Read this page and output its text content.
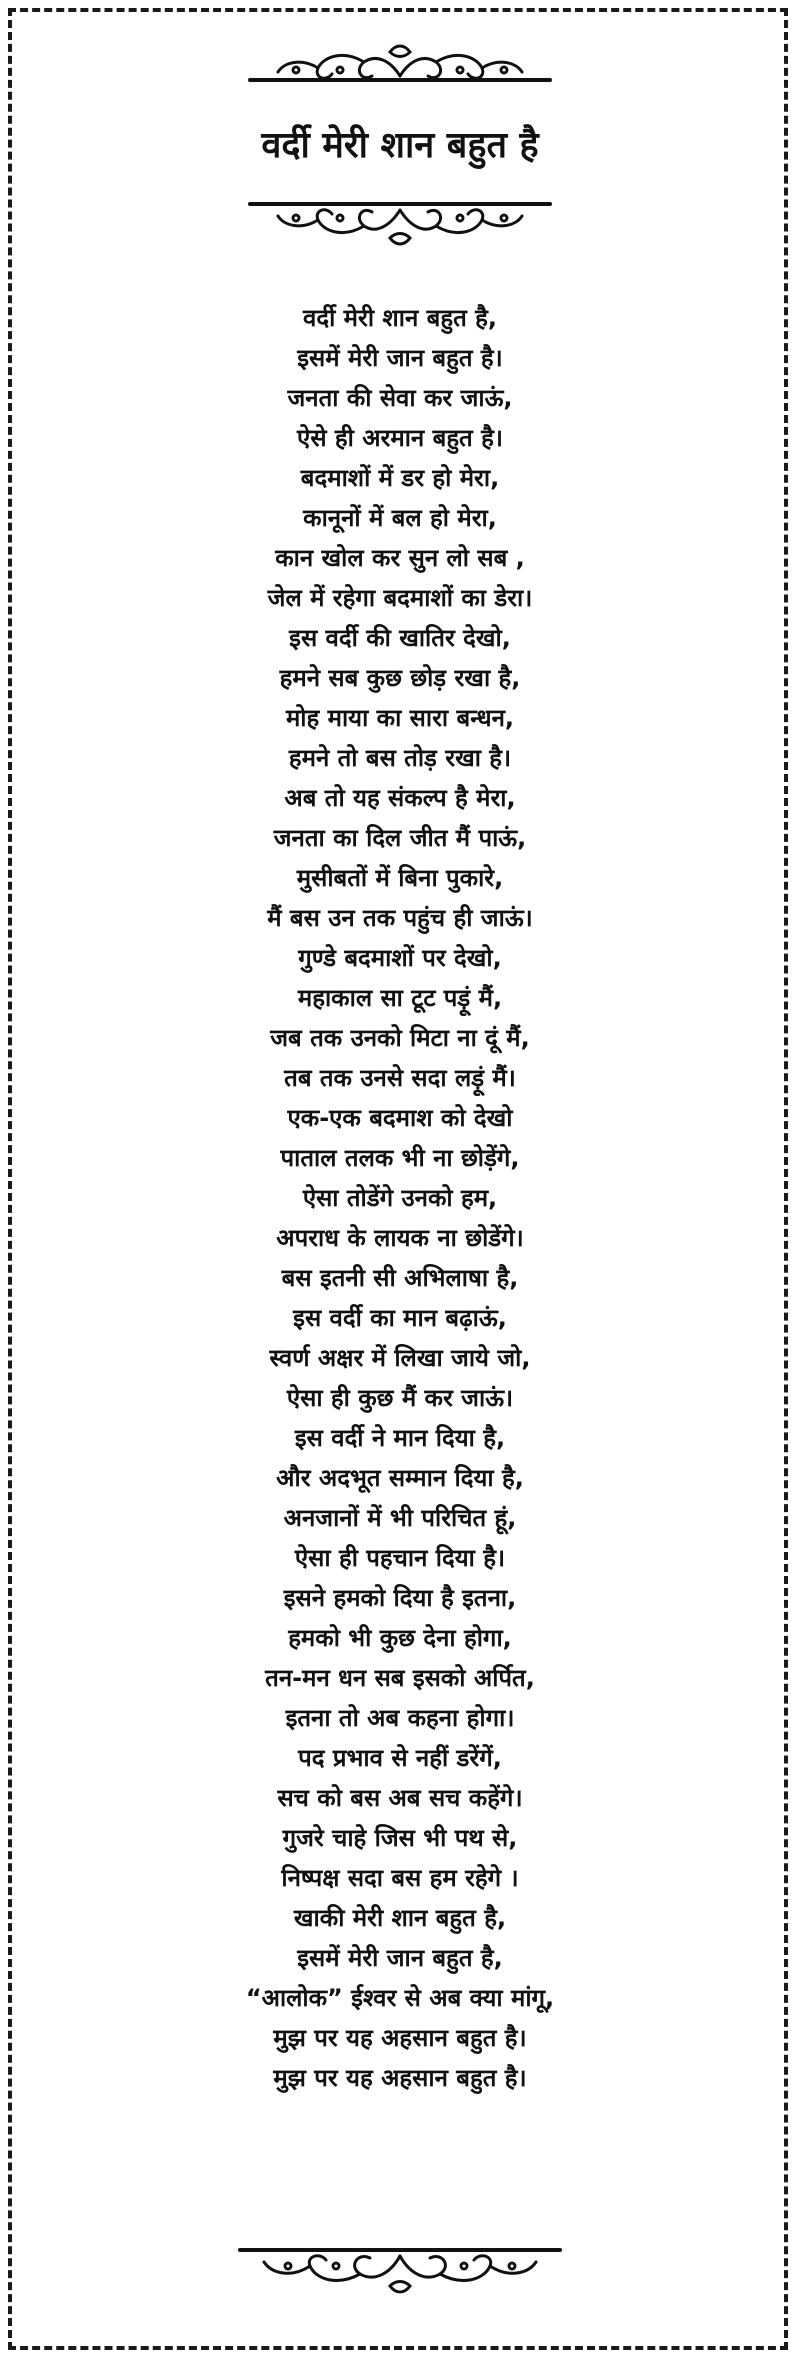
वर्दी मेरी शान बहुत है
वर्दी मेरी शान बहुत है,
इसमें मेरी जान बहुत है।
जनता की सेवा कर जाऊं,
ऐसे ही अरमान बहुत है।
बदमाशों में डर हो मेरा,
कानूनों में बल हो मेरा,
कान खोल कर सुन लो सब ,
जेल में रहेगा बदमाशों का डेरा।
इस वर्दी की खातिर देखो,
हमने सब कुछ छोड़ रखा है,
मोह माया का सारा बन्धन,
हमने तो बस तोड़ रखा है।
अब तो यह संकल्प है मेरा,
जनता का दिल जीत मैं पाऊं,
मुसीबतों में बिना पुकारे,
मैं बस उन तक पहुंच ही जाऊं।
गुण्डे बदमाशों पर देखो,
महाकाल सा टूट पड़ूं मैं,
जब तक उनको मिटा ना दूं मैं,
तब तक उनसे सदा लड़ूं मैं।
एक-एक बदमाश को देखो
पाताल तलक भी ना छोड़ेंगे,
ऐसा तोडेंगे उनको हम,
अपराध के लायक ना छोडेंगे।
बस इतनी सी अभिलाषा है,
इस वर्दी का मान बढ़ाऊं,
स्वर्ण अक्षर में लिखा जाये जो,
ऐसा ही कुछ मैं कर जाऊं।
इस वर्दी ने मान दिया है,
और अदभूत सम्मान दिया है,
अनजानों में भी परिचित हूं,
ऐसा ही पहचान दिया है।
इसने हमको दिया है इतना,
हमको भी कुछ देना होगा,
तन-मन धन सब इसको अर्पित,
इतना तो अब कहना होगा।
पद प्रभाव से नहीं डरेंगें,
सच को बस अब सच कहेंगे।
गुजरे चाहे जिस भी पथ से,
निष्पक्ष सदा बस हम रहेगे ।
खाकी मेरी शान बहुत है,
इसमें मेरी जान बहुत है,
“आलोक” ईश्वर से अब क्या मांगू,
मुझ पर यह अहसान बहुत है।
मुझ पर यह अहसान बहुत है।
